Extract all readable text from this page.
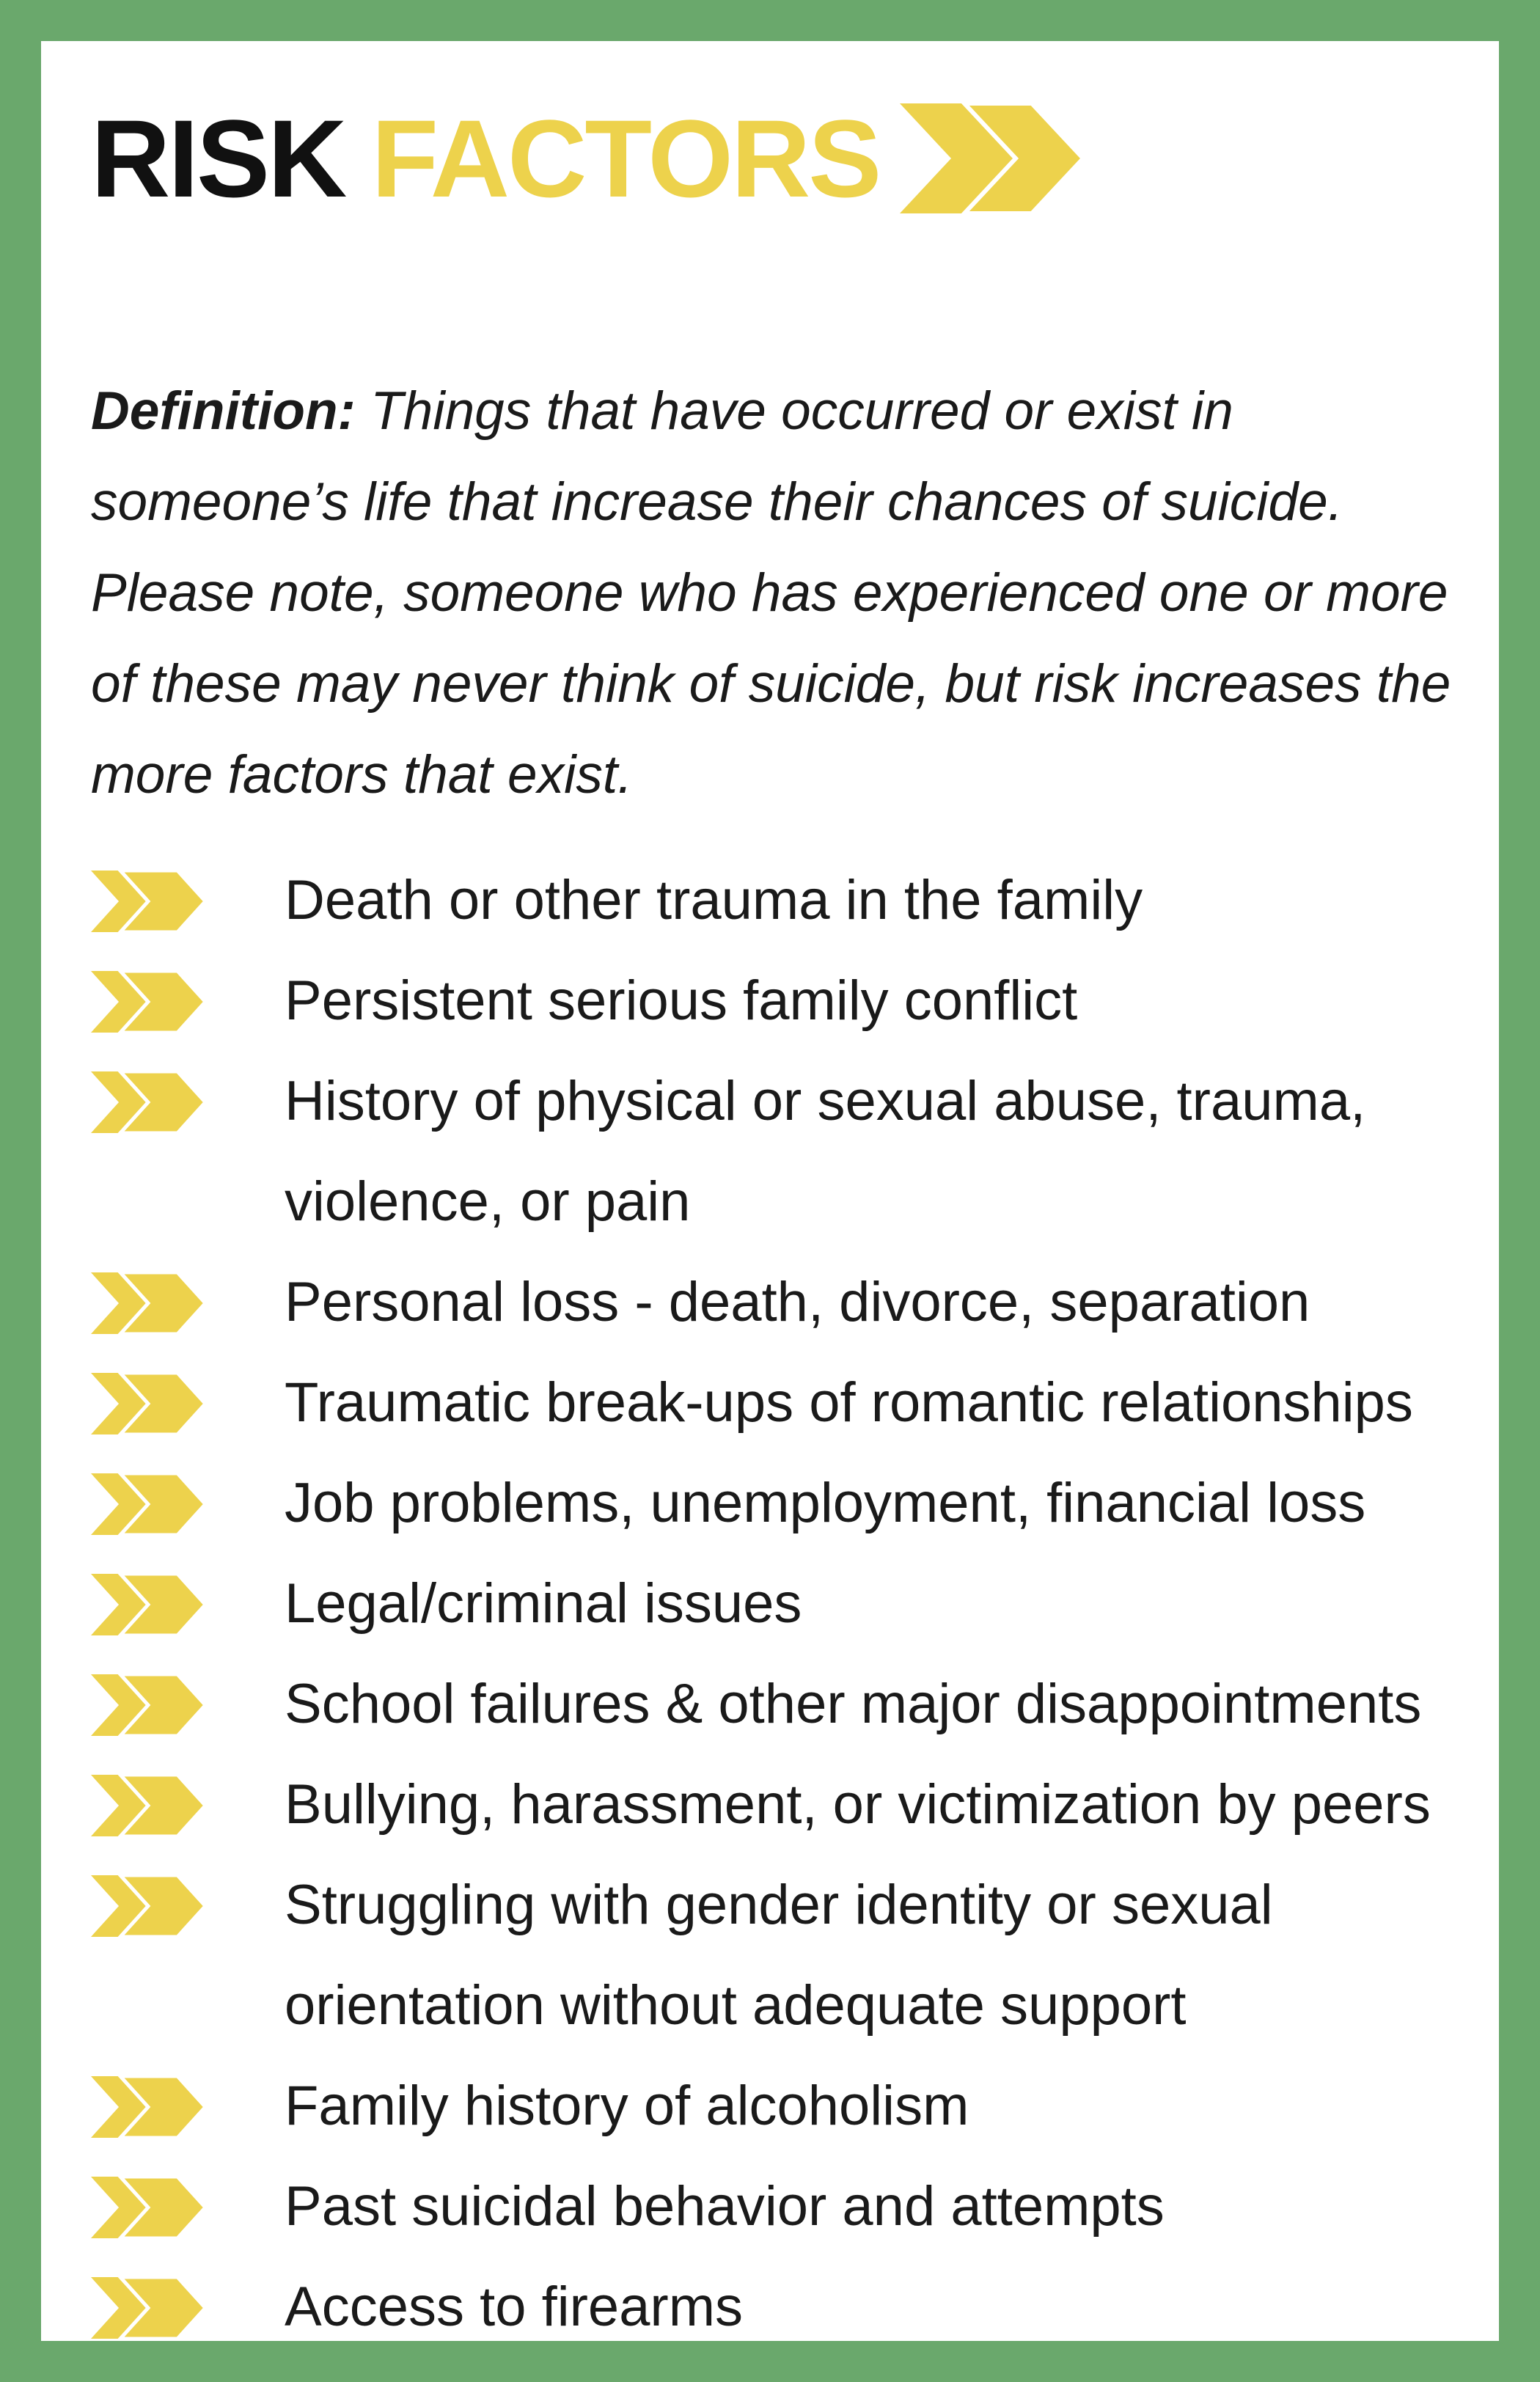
RISK FACTORS

Definition: Things that have occurred or exist in someone’s life that increase their chances of suicide. Please note, someone who has experienced one or more of these may never think of suicide, but risk increases the more factors that exist.

Death or other trauma in the family
Persistent serious family conflict
History of physical or sexual abuse, trauma, violence, or pain
Personal loss - death, divorce, separation
Traumatic break-ups of romantic relationships
Job problems, unemployment, financial loss
Legal/criminal issues
School failures & other major disappointments
Bullying, harassment, or victimization by peers
Struggling with gender identity or sexual orientation without adequate support
Family history of alcoholism
Past suicidal behavior and attempts
Access to firearms
